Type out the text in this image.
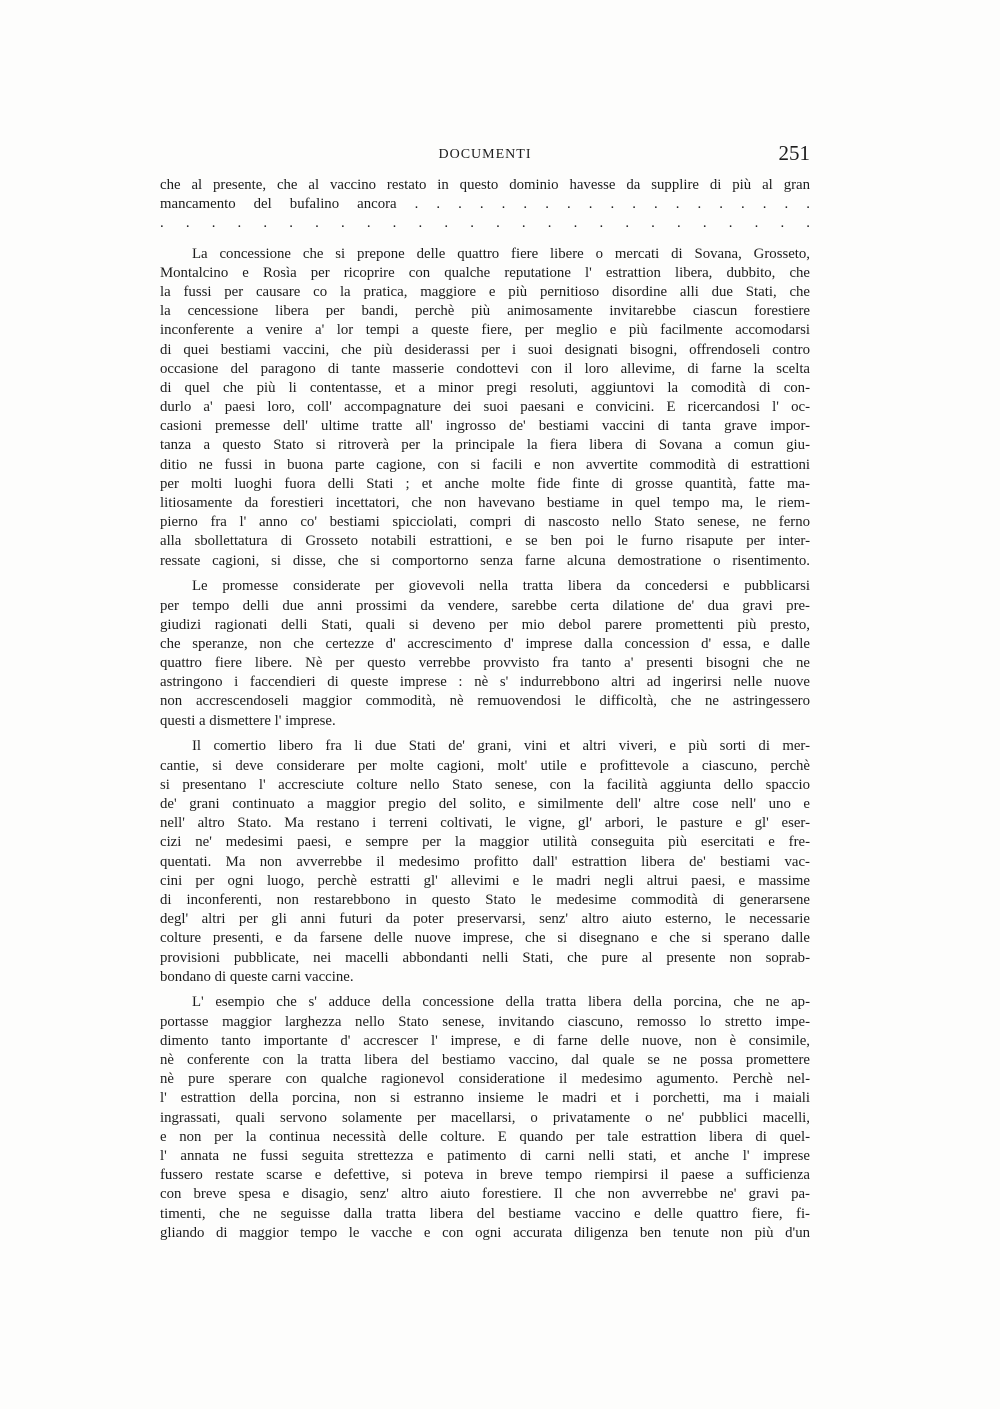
DOCUMENTI	251
che al presente, che al vaccino restato in questo dominio havesse da supplire di più al gran
mancamento del bufalino ancora . . . . . . . . . . . . . . . . . . .
. . . . . . . . . . . . . . . . . . . . . . . . . .
La concessione che si prepone delle quattro fiere libere o mercati di Sovana, Grosseto,
Montalcino e Rosìa per ricoprire con qualche reputatione l' estrattion libera, dubbito, che
la fussi per causare co la pratica, maggiore e più pernitioso disordine alli due Stati, che
la cencessione libera per bandi, perchè più animosamente invitarebbe ciascun forestiere
inconferente a venire a' lor tempi a queste fiere, per meglio e più facilmente accomodarsi
di quei bestiami vaccini, che più desiderassi per i suoi designati bisogni, offrendoseli contro
occasione del paragono di tante masserie condottevi con il loro allevime, di farne la scelta
di quel che più li contentasse, et a minor pregi resoluti, aggiuntovi la comodità di con-
durlo a' paesi loro, coll' accompagnature dei suoi paesani e convicini. E ricercandosi l' oc-
casioni premesse dell' ultime tratte all' ingrosso de' bestiami vaccini di tanta grave impor-
tanza a questo Stato si ritroverà per la principale la fiera libera di Sovana a comun giu-
ditio ne fussi in buona parte cagione, con si facili e non avvertite commodità di estrattioni
per molti luoghi fuora delli Stati ; et anche molte fide finte di grosse quantità, fatte ma-
litiosamente da forestieri incettatori, che non havevano bestiame in quel tempo ma, le riem-
pierno fra l' anno co' bestiami spicciolati, compri di nascosto nello Stato senese, ne ferno
alla sbollettatura di Grosseto notabili estrattioni, e se ben poi le furno risapute per inter-
ressate cagioni, si disse, che si comportorno senza farne alcuna demostratione o risentimento.
Le promesse considerate per giovevoli nella tratta libera da concedersi e pubblicarsi
per tempo delli due anni prossimi da vendere, sarebbe certa dilatione de' dua gravi pre-
giudizi ragionati delli Stati, quali si deveno per mio debol parere promettenti più presto,
che speranze, non che certezze d' accrescimento d' imprese dalla concession d' essa, e dalle
quattro fiere libere. Nè per questo verrebbe provvisto fra tanto a' presenti bisogni che ne
astringono i faccendieri di queste imprese : nè s' indurrebbono altri ad ingerirsi nelle nuove
non accrescendoseli maggior commodità, nè remuovendosi le difficoltà, che ne astringessero
questi a dismettere l' imprese.
Il comertio libero fra li due Stati de' grani, vini et altri viveri, e più sorti di mer-
cantie, si deve considerare per molte cagioni, molt' utile e profittevole a ciascuno, perchè
si presentano l' accresciute colture nello Stato senese, con la facilità aggiunta dello spaccio
de' grani continuato a maggior pregio del solito, e similmente dell' altre cose nell' uno e
nell' altro Stato. Ma restano i terreni coltivati, le vigne, gl' arbori, le pasture e gl' eser-
cizi ne' medesimi paesi, e sempre per la maggior utilità conseguita più esercitati e fre-
quentati. Ma non avverrebbe il medesimo profitto dall' estrattion libera de' bestiami vac-
cini per ogni luogo, perchè estratti gl' allevimi e le madri negli altrui paesi, e massime
di inconferenti, non restarebbono in questo Stato le medesime commodità di generarsene
degl' altri per gli anni futuri da poter preservarsi, senz' altro aiuto esterno, le necessarie
colture presenti, e da farsene delle nuove imprese, che si disegnano e che si sperano dalle
provisioni pubblicate, nei macelli abbondanti nelli Stati, che pure al presente non soprab-
bondano di queste carni vaccine.
L' esempio che s' adduce della concessione della tratta libera della porcina, che ne ap-
portasse maggior larghezza nello Stato senese, invitando ciascuno, remosso lo stretto impe-
dimento tanto importante d' accrescer l' imprese, e di farne delle nuove, non è consimile,
nè conferente con la tratta libera del bestiamo vaccino, dal quale se ne possa promettere
nè pure sperare con qualche ragionevol consideratione il medesimo agumento. Perchè nel-
l' estrattion della porcina, non si estranno insieme le madri et i porchetti, ma i maiali
ingrassati, quali servono solamente per macellarsi, o privatamente o ne' pubblici macelli,
e non per la continua necessità delle colture. E quando per tale estrattion libera di quel-
l' annata ne fussi seguita strettezza e patimento di carni nelli stati, et anche l' imprese
fussero restate scarse e defettive, si poteva in breve tempo riempirsi il paese a sufficienza
con breve spesa e disagio, senz' altro aiuto forestiere. Il che non avverrebbe ne' gravi pa-
timenti, che ne seguisse dalla tratta libera del bestiame vaccino e delle quattro fiere, fi-
gliando di maggior tempo le vacche e con ogni accurata diligenza ben tenute non più d'un
